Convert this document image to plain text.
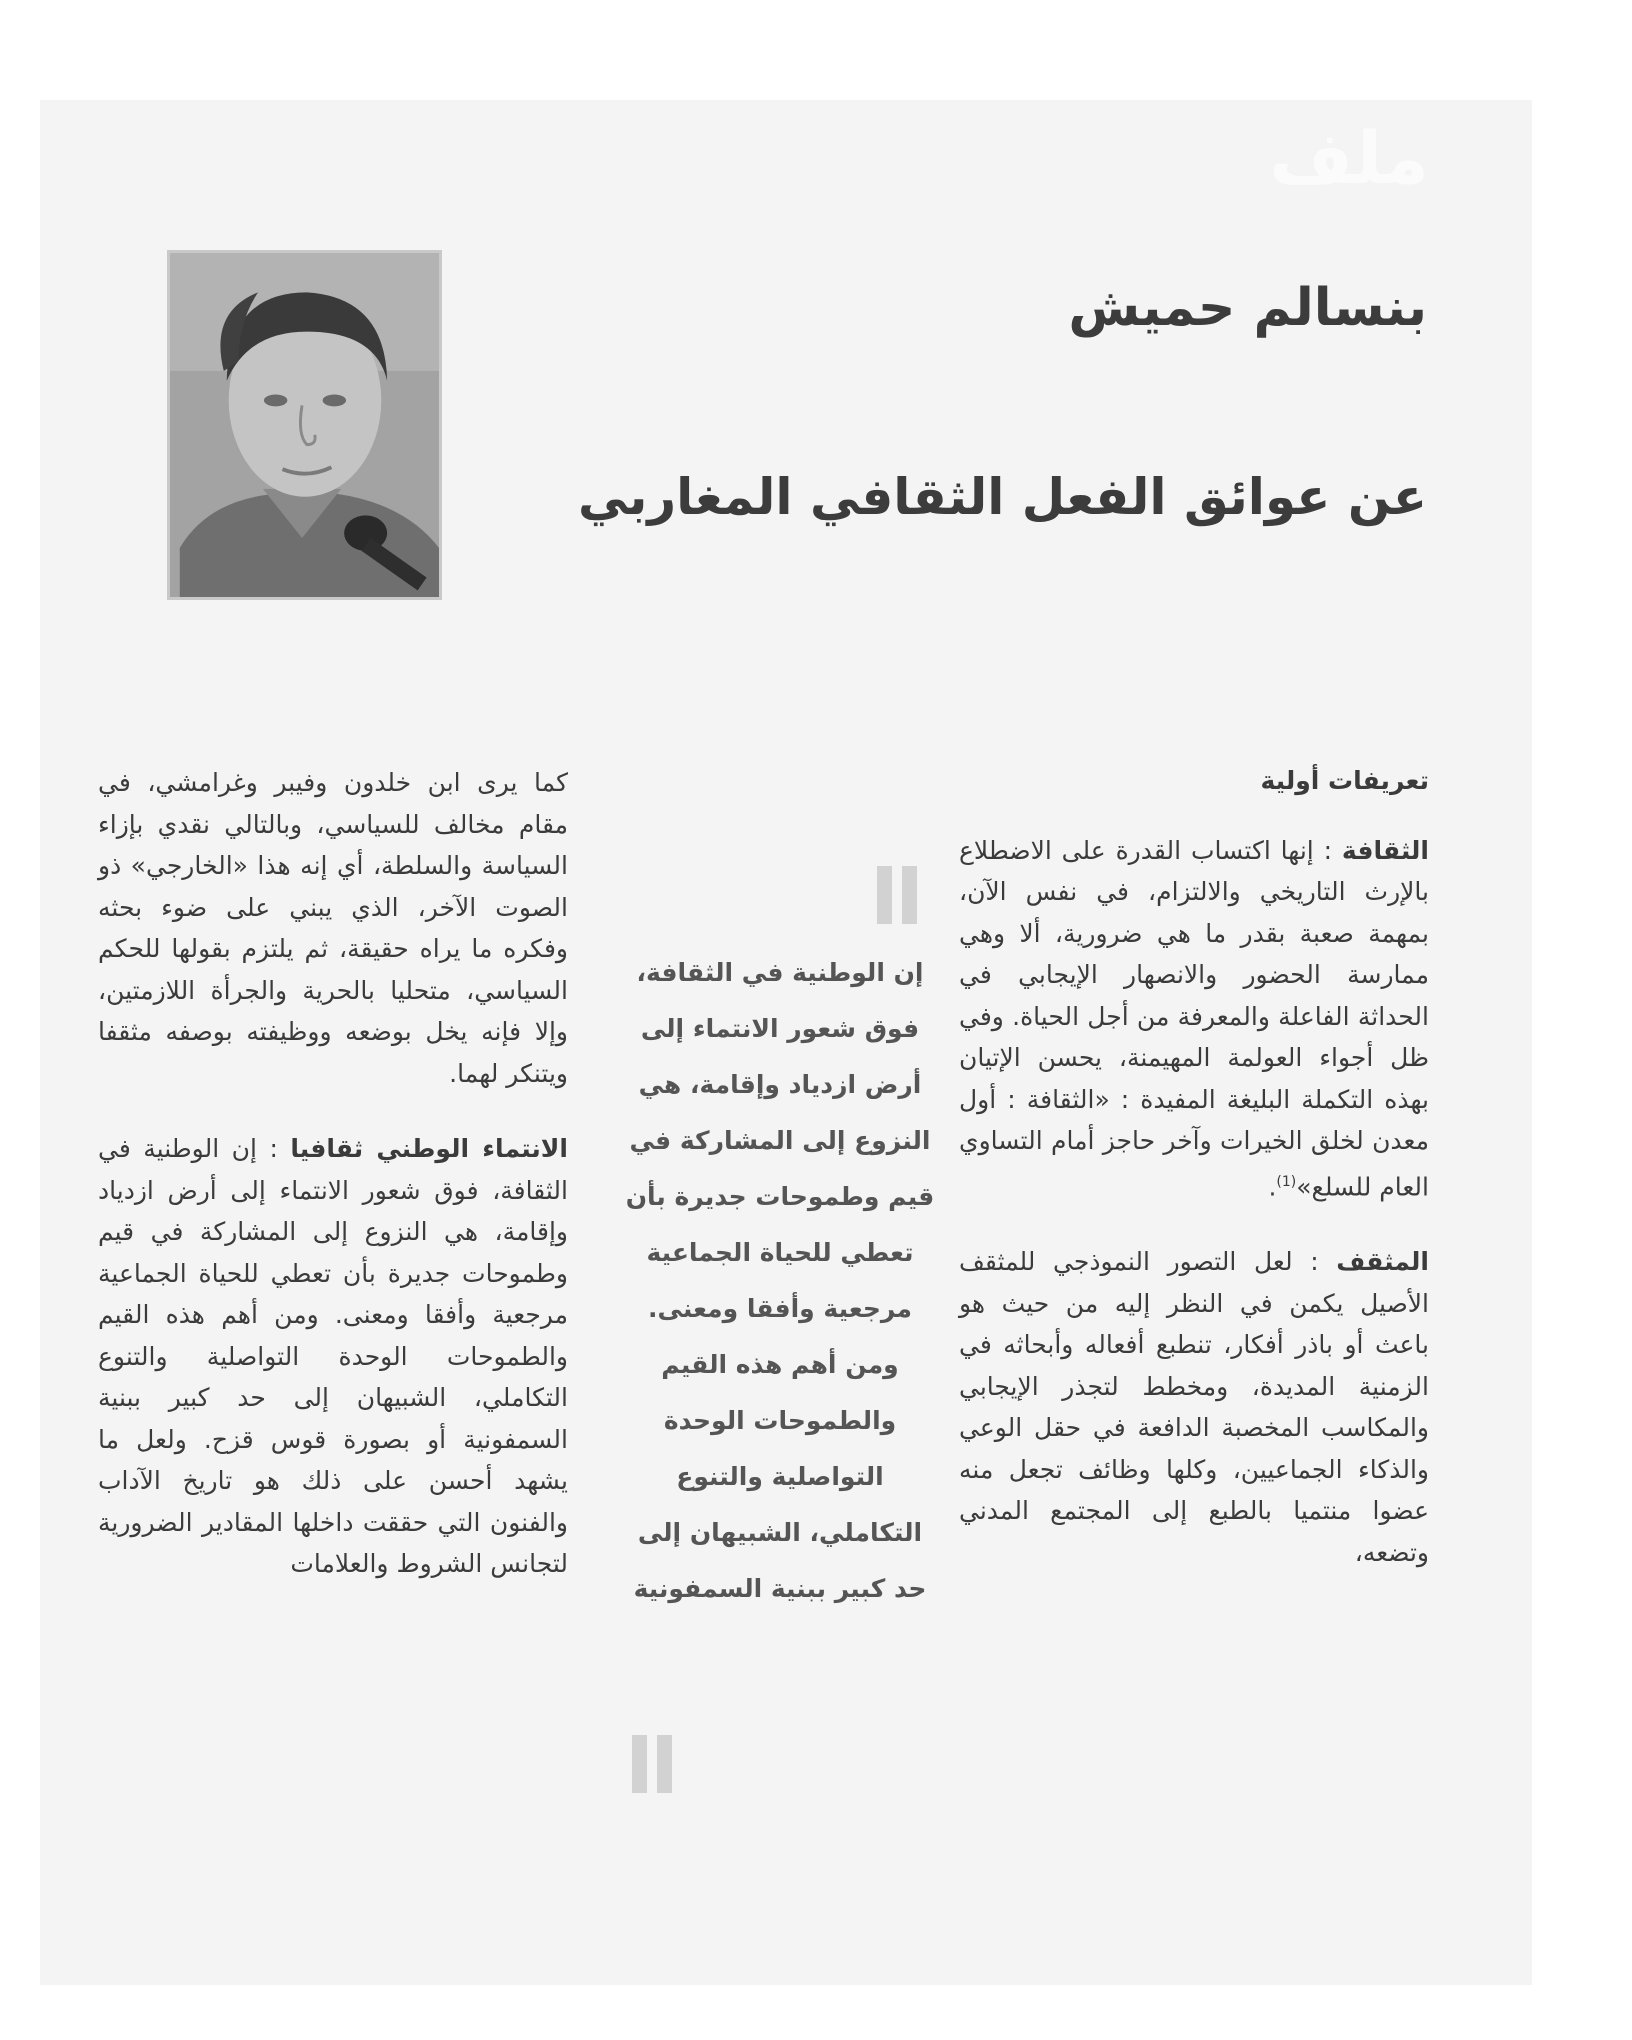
ملف
بنسالم حميش
عن عوائق الفعل الثقافي المغاربي

تعريفات أولية

الثقافة : إنها اكتساب القدرة على الاضطلاع بالإرث التاريخي والالتزام، في نفس الآن، بمهمة صعبة بقدر ما هي ضرورية، ألا وهي ممارسة الحضور والانصهار الإيجابي في الحداثة الفاعلة والمعرفة من أجل الحياة. وفي ظل أجواء العولمة المهيمنة، يحسن الإتيان بهذه التكملة البليغة المفيدة : «الثقافة : أول معدن لخلق الخيرات وآخر حاجز أمام التساوي العام للسلع»$^{(1)}$.

المثقف : لعل التصور النموذجي للمثقف الأصيل يكمن في النظر إليه من حيث هو باعث أو باذر أفكار، تنطبع أفعاله وأبحاثه في الزمنية المديدة، ومخطط لتجذر الإيجابي والمكاسب المخصبة الدافعة في حقل الوعي والذكاء الجماعيين، وكلها وظائف تجعل منه عضوا منتميا بالطبع إلى المجتمع المدني وتضعه،

إن الوطنية في الثقافة، فوق شعور الانتماء إلى أرض ازدياد وإقامة، هي النزوع إلى المشاركة في قيم وطموحات جديرة بأن تعطي للحياة الجماعية مرجعية وأفقا ومعنى. ومن أهم هذه القيم والطموحات الوحدة التواصلية والتنوع التكاملي، الشبيهان إلى حد كبير ببنية السمفونية

كما يرى ابن خلدون وفيبر وغرامشي، في مقام مخالف للسياسي، وبالتالي نقدي بإزاء السياسة والسلطة، أي إنه هذا «الخارجي» ذو الصوت الآخر، الذي يبني على ضوء بحثه وفكره ما يراه حقيقة، ثم يلتزم بقولها للحكم السياسي، متحليا بالحرية والجرأة اللازمتين، وإلا فإنه يخل بوضعه ووظيفته بوصفه مثقفا ويتنكر لهما.

الانتماء الوطني ثقافيا : إن الوطنية في الثقافة، فوق شعور الانتماء إلى أرض ازدياد وإقامة، هي النزوع إلى المشاركة في قيم وطموحات جديرة بأن تعطي للحياة الجماعية مرجعية وأفقا ومعنى. ومن أهم هذه القيم والطموحات الوحدة التواصلية والتنوع التكاملي، الشبيهان إلى حد كبير ببنية السمفونية أو بصورة قوس قزح. ولعل ما يشهد أحسن على ذلك هو تاريخ الآداب والفنون التي حققت داخلها المقادير الضرورية لتجانس الشروط والعلامات
